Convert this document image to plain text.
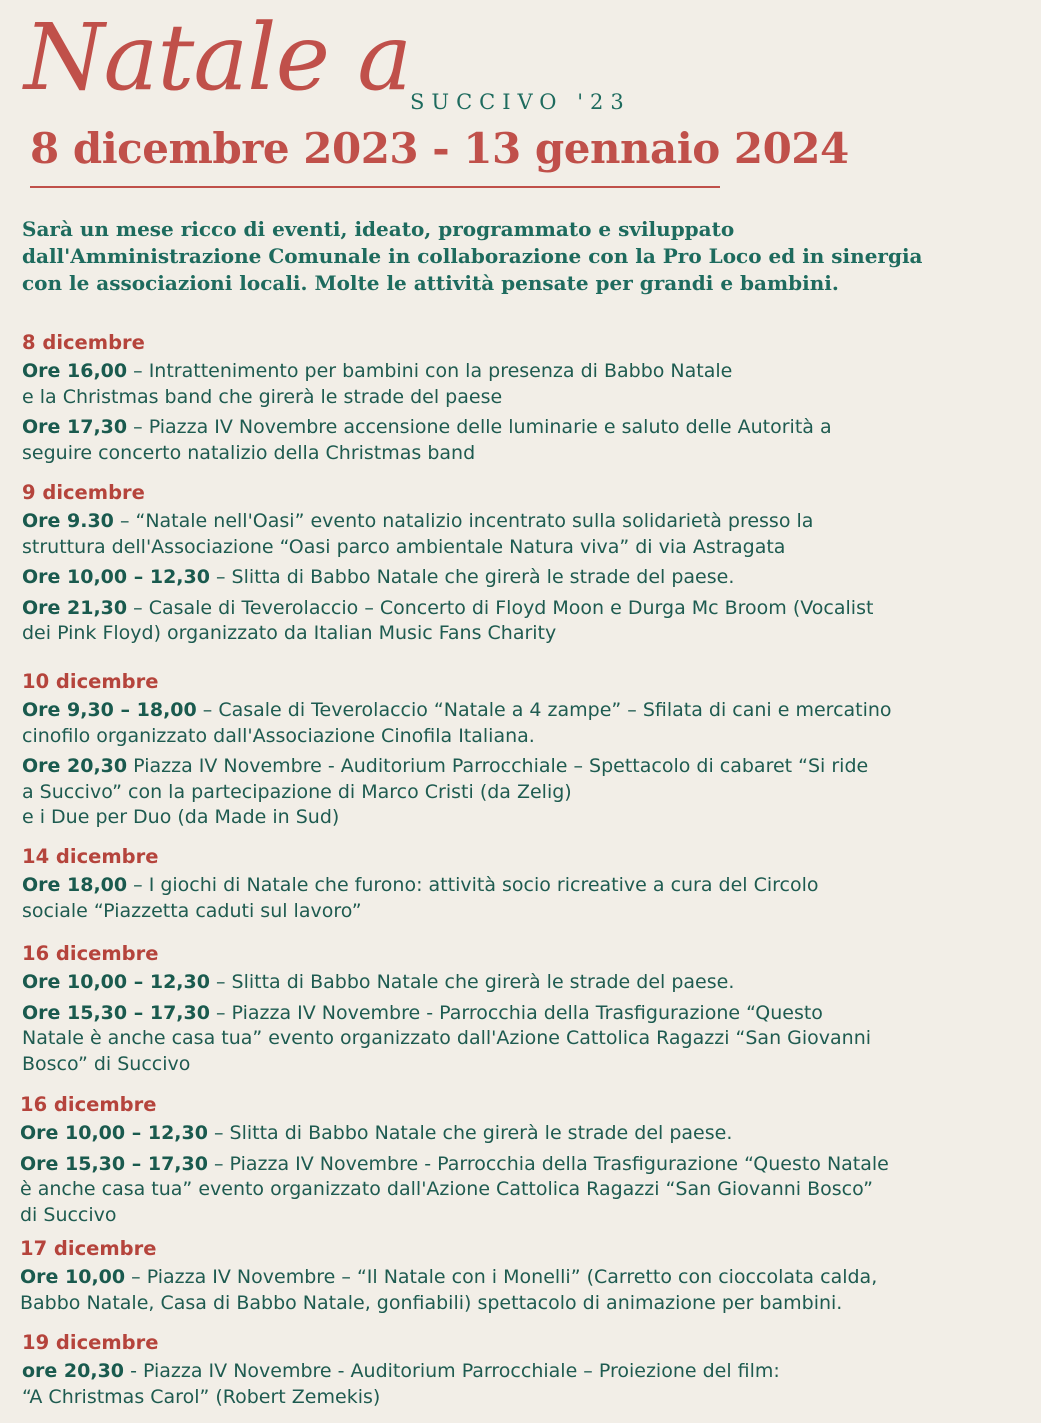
Natale a
SUCCIVO '23
8 dicembre 2023 - 13 gennaio 2024
Sarà un mese ricco di eventi, ideato, programmato e sviluppato
dall'Amministrazione Comunale in collaborazione con la Pro Loco ed in sinergia
con le associazioni locali. Molte le attività pensate per grandi e bambini.
8 dicembre
Ore 16,00 – Intrattenimento per bambini con la presenza di Babbo Natale
e la Christmas band che girerà le strade del paese
Ore 17,30 – Piazza IV Novembre accensione delle luminarie e saluto delle Autorità a
seguire concerto natalizio della Christmas band
9 dicembre
Ore 9.30 – “Natale nell'Oasi” evento natalizio incentrato sulla solidarietà presso la
struttura dell'Associazione “Oasi parco ambientale Natura viva” di via Astragata
Ore 10,00 – 12,30 – Slitta di Babbo Natale che girerà le strade del paese.
Ore 21,30 – Casale di Teverolaccio – Concerto di Floyd Moon e Durga Mc Broom (Vocalist
dei Pink Floyd) organizzato da Italian Music Fans Charity
10 dicembre
Ore 9,30 – 18,00 – Casale di Teverolaccio “Natale a 4 zampe” – Sfilata di cani e mercatino
cinofilo organizzato dall'Associazione Cinofila Italiana.
Ore 20,30 Piazza IV Novembre - Auditorium Parrocchiale – Spettacolo di cabaret “Si ride
a Succivo” con la partecipazione di Marco Cristi (da Zelig)
e i Due per Duo (da Made in Sud)
14 dicembre
Ore 18,00 – I giochi di Natale che furono: attività socio ricreative a cura del Circolo
sociale “Piazzetta caduti sul lavoro”
16 dicembre
Ore 10,00 – 12,30 – Slitta di Babbo Natale che girerà le strade del paese.
Ore 15,30 – 17,30 – Piazza IV Novembre - Parrocchia della Trasfigurazione “Questo
Natale è anche casa tua” evento organizzato dall'Azione Cattolica Ragazzi “San Giovanni
Bosco” di Succivo
16 dicembre
Ore 10,00 – 12,30 – Slitta di Babbo Natale che girerà le strade del paese.
Ore 15,30 – 17,30 – Piazza IV Novembre - Parrocchia della Trasfigurazione “Questo Natale
è anche casa tua” evento organizzato dall'Azione Cattolica Ragazzi “San Giovanni Bosco”
di Succivo
17 dicembre
Ore 10,00 – Piazza IV Novembre – “Il Natale con i Monelli” (Carretto con cioccolata calda,
Babbo Natale, Casa di Babbo Natale, gonfiabili) spettacolo di animazione per bambini.
19 dicembre
ore 20,30 - Piazza IV Novembre - Auditorium Parrocchiale – Proiezione del film:
“A Christmas Carol” (Robert Zemekis)
